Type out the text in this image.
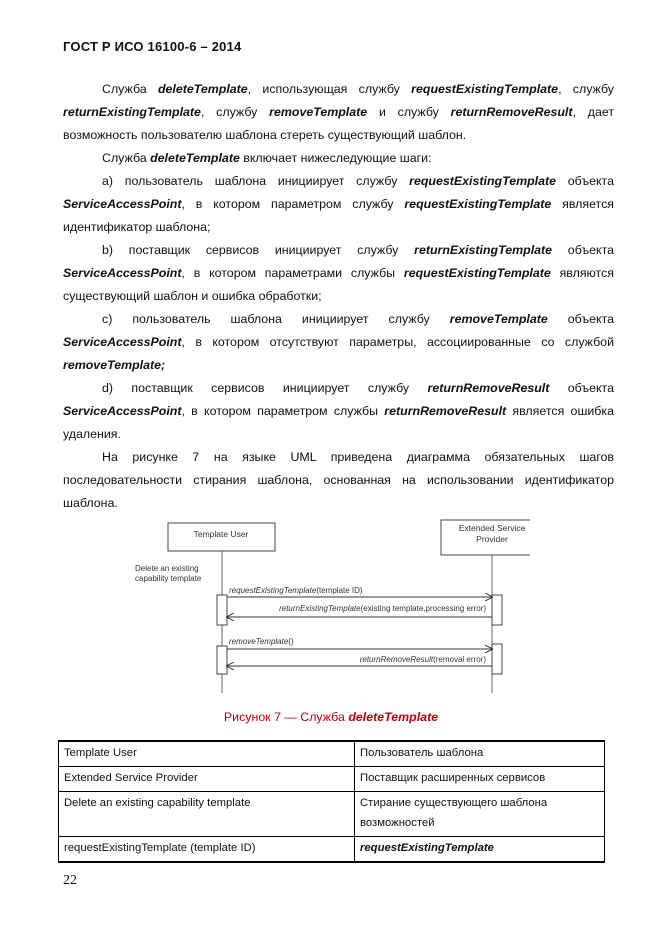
ГОСТ Р ИСО 16100-6 – 2014

Служба deleteTemplate, использующая службу requestExistingTemplate, службу returnExistingTemplate, службу removeTemplate и службу returnRemoveResult, дает возможность пользователю шаблона стереть существующий шаблон.

Служба deleteTemplate включает нижеследующие шаги:

а) пользователь шаблона инициирует службу requestExistingTemplate объекта ServiceAccessPoint, в котором параметром службу requestExistingTemplate является идентификатор шаблона;

b) поставщик сервисов инициирует службу returnExistingTemplate объекта ServiceAccessPoint, в котором параметрами службы requestExistingTemplate являются существующий шаблон и ошибка обработки;

с) пользователь шаблона инициирует службу removeTemplate объекта ServiceAccessPoint, в котором отсутствуют параметры, ассоциированные со службой removeTemplate;

d) поставщик сервисов инициирует службу returnRemoveResult объекта ServiceAccessPoint, в котором параметром службы returnRemoveResult является ошибка удаления.

На рисунке 7 на языке UML приведена диаграмма обязательных шагов последовательности стирания шаблона, основанная на использовании идентификатор шаблона.

Template User
Extended Service
Provider
Delete an existing
capability template
requestExistingTemplate(template ID)
returnExistingTemplate(existing template,processing error)
removeTemplate()
returnRemoveResult(removal error)
Рисунок 7 — Служба deleteTemplate
Template User	Пользователь шаблона
Extended Service Provider	Поставщик расширенных сервисов
Delete an existing capability template	Стирание существующего шаблона возможностей
requestExistingTemplate (template ID)	requestExistingTemplate
22
